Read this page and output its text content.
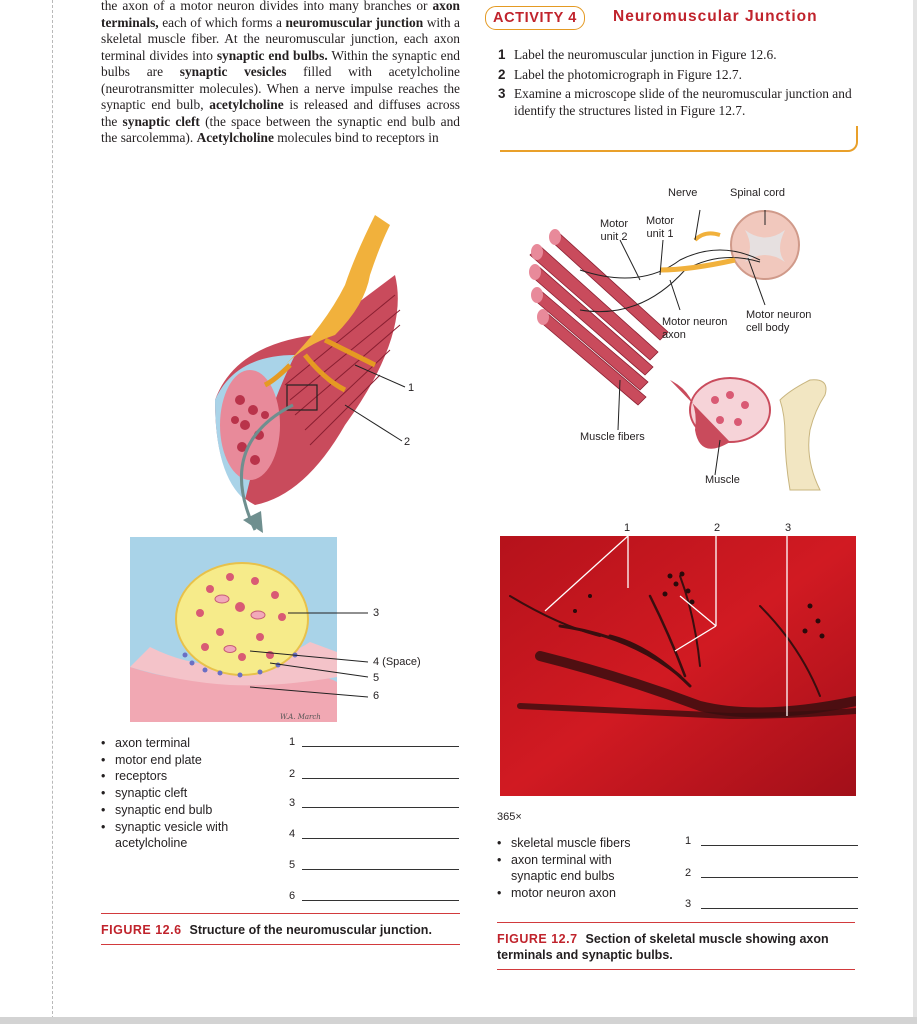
the axon of a motor neuron divides into many branches or axon terminals, each of which forms a neuromuscular junction with a skeletal muscle fiber. At the neuromuscular junction, each axon terminal divides into synaptic end bulbs. Within the synaptic end bulbs are synaptic vesicles filled with acetylcholine (neurotransmitter molecules). When a nerve impulse reaches the synaptic end bulb, acetylcholine is released and diffuses across the synaptic cleft (the space between the synaptic end bulb and the sarcolemma). Acetylcholine molecules bind to receptors in

ACTIVITY 4	Neuromuscular Junction
1 Label the neuromuscular junction in Figure 12.6.
2 Label the photomicrograph in Figure 12.7.
3 Examine a microscope slide of the neuromuscular junction and identify the structures listed in Figure 12.7.
1
2
W.A. March
3
4 (Space)
5
6
• axon terminal
• motor end plate
• receptors
• synaptic cleft
• synaptic end bulb
• synaptic vesicle with acetylcholine
1
2
3
4
5
6
FIGURE 12.6 Structure of the neuromuscular junction.
Nerve	Spinal cord
Motor unit 2
Motor unit 1
Motor neuron axon
Motor neuron cell body
Muscle fibers
Muscle
1	2	3
365×
• skeletal muscle fibers
• axon terminal with synaptic end bulbs
• motor neuron axon
1
2
3
FIGURE 12.7 Section of skeletal muscle showing axon terminals and synaptic bulbs.
